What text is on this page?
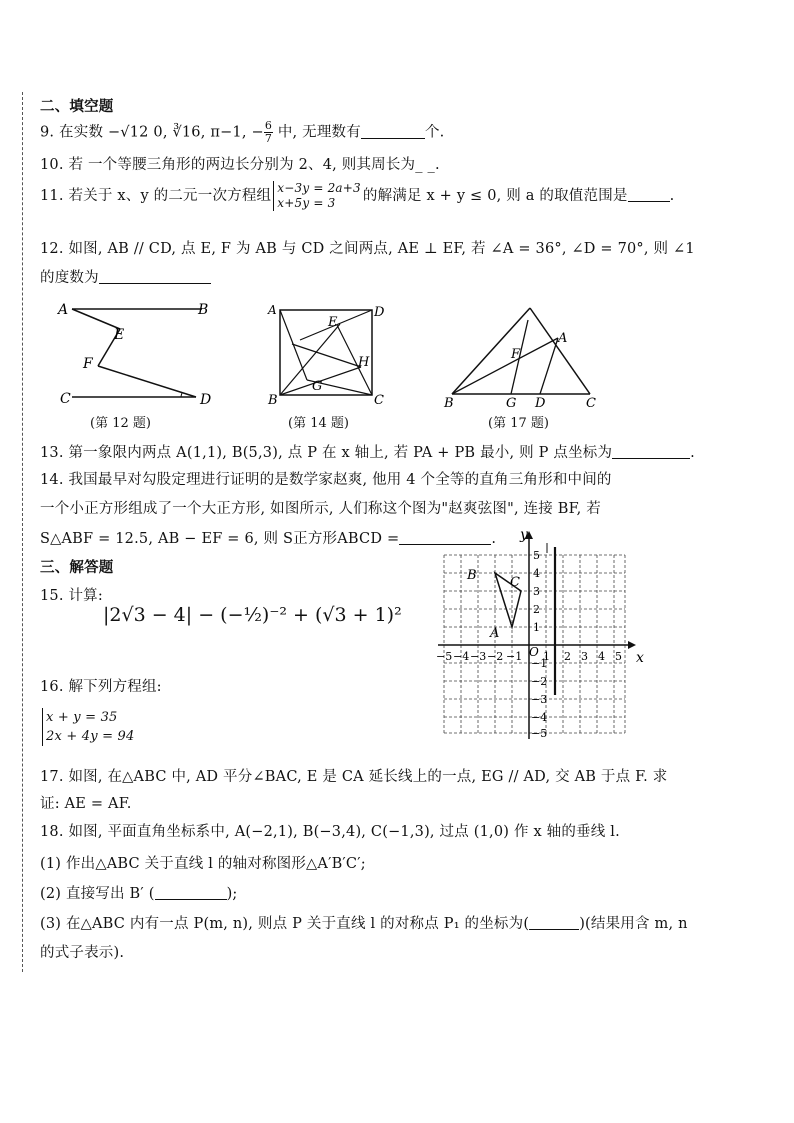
二、填空题
9. 在实数 −√12 0, ∛16, π−1, − $\frac{6}{7}$ 中, 无理数有	个.
10. 若 一个等腰三角形的两边长分别为 2、4, 则其周长为_ _.
11. 若关于 x、y 的二元一次方程组 x−3y = 2a+3
x+5y = 3	的解满足 x + y ≤ 0, 则 a 的取值范围是	.
12. 如图, AB // CD, 点 E, F 为 AB 与 CD 之间两点, AE ⊥ EF, 若 ∠A = 36°, ∠D = 70°, 则 ∠1
的度数为
A	B
E
F
C	D
(第 12 题)
A	D
E
B
G
C
H
(第 14 题)
A
F
B	G D	C
(第 17 题)
13. 第一象限内两点 A(1,1), B(5,3), 点 P 在 x 轴上, 若 PA + PB 最小, 则 P 点坐标为	.
14. 我国最早对勾股定理进行证明的是数学家赵爽, 他用 4 个全等的直角三角形和中间的
一个小正方形组成了一个大正方形, 如图所示, 人们称这个图为"赵爽弦图", 连接 BF, 若
S△ABF = 12.5, AB − EF = 6, 则 S正方形ABCD =	.
三、解答题
15. 计算:
|2√3 − 4| − (−½)⁻² + (√3 + 1)²
16. 解下列方程组:
x + y = 35
2x + 4y = 94
x
y
O
−5 −4 −3 −2 −1 1 2 3 4 5
5
4
3
2
1
−1
−2
−3
−4
−5
A
B	C
17. 如图, 在△ABC 中, AD 平分∠BAC, E 是 CA 延长线上的一点, EG // AD, 交 AB 于点 F. 求
证: AE = AF.
18. 如图, 平面直角坐标系中, A(−2,1), B(−3,4), C(−1,3), 过点 (1,0) 作 x 轴的垂线 l.
(1) 作出△ABC 关于直线 l 的轴对称图形△A′B′C′;
(2) 直接写出 B′ (	);
(3) 在△ABC 内有一点 P(m, n), 则点 P 关于直线 l 的对称点 P₁ 的坐标为(	)(结果用含 m, n
的式子表示).
